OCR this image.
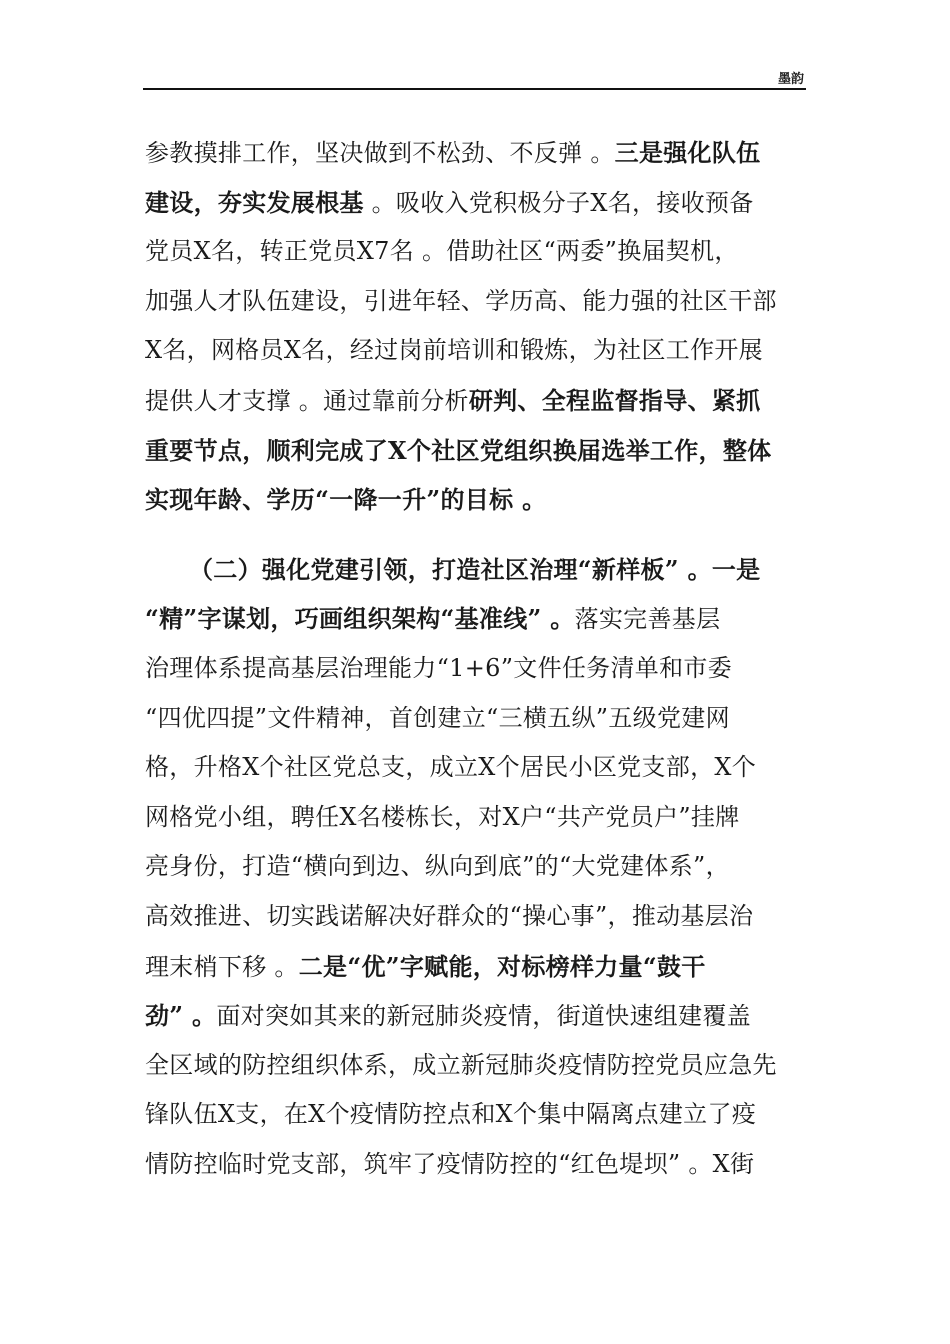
墨韵
参教摸排工作，坚决做到不松劲、不反弹 。三是强化队伍
建设，夯实发展根基 。吸收入党积极分子X名，接收预备
党员X名，转正党员X7名 。借助社区“两委”换届契机，
加强人才队伍建设，引进年轻、学历高、能力强的社区干部
X名，网格员X名，经过岗前培训和锻炼，为社区工作开展
提供人才支撑 。通过靠前分析研判、全程监督指导、紧抓
重要节点，顺利完成了X个社区党组织换届选举工作，整体
实现年龄、学历“一降一升”的目标 。
（二）强化党建引领，打造社区治理“新样板” 。一是
“精”字谋划，巧画组织架构“基准线” 。落实完善基层
治理体系提高基层治理能力“1+6”文件任务清单和市委
“四优四提”文件精神，首创建立“三横五纵”五级党建网
格，升格X个社区党总支，成立X个居民小区党支部，X个
网格党小组，聘任X名楼栋长，对X户“共产党员户”挂牌
亮身份，打造“横向到边、纵向到底”的“大党建体系”，
高效推进、切实践诺解决好群众的“操心事”，推动基层治
理末梢下移 。二是“优”字赋能，对标榜样力量“鼓干
劲” 。面对突如其来的新冠肺炎疫情，街道快速组建覆盖
全区域的防控组织体系，成立新冠肺炎疫情防控党员应急先
锋队伍X支，在X个疫情防控点和X个集中隔离点建立了疫
情防控临时党支部，筑牢了疫情防控的“红色堤坝” 。X街
